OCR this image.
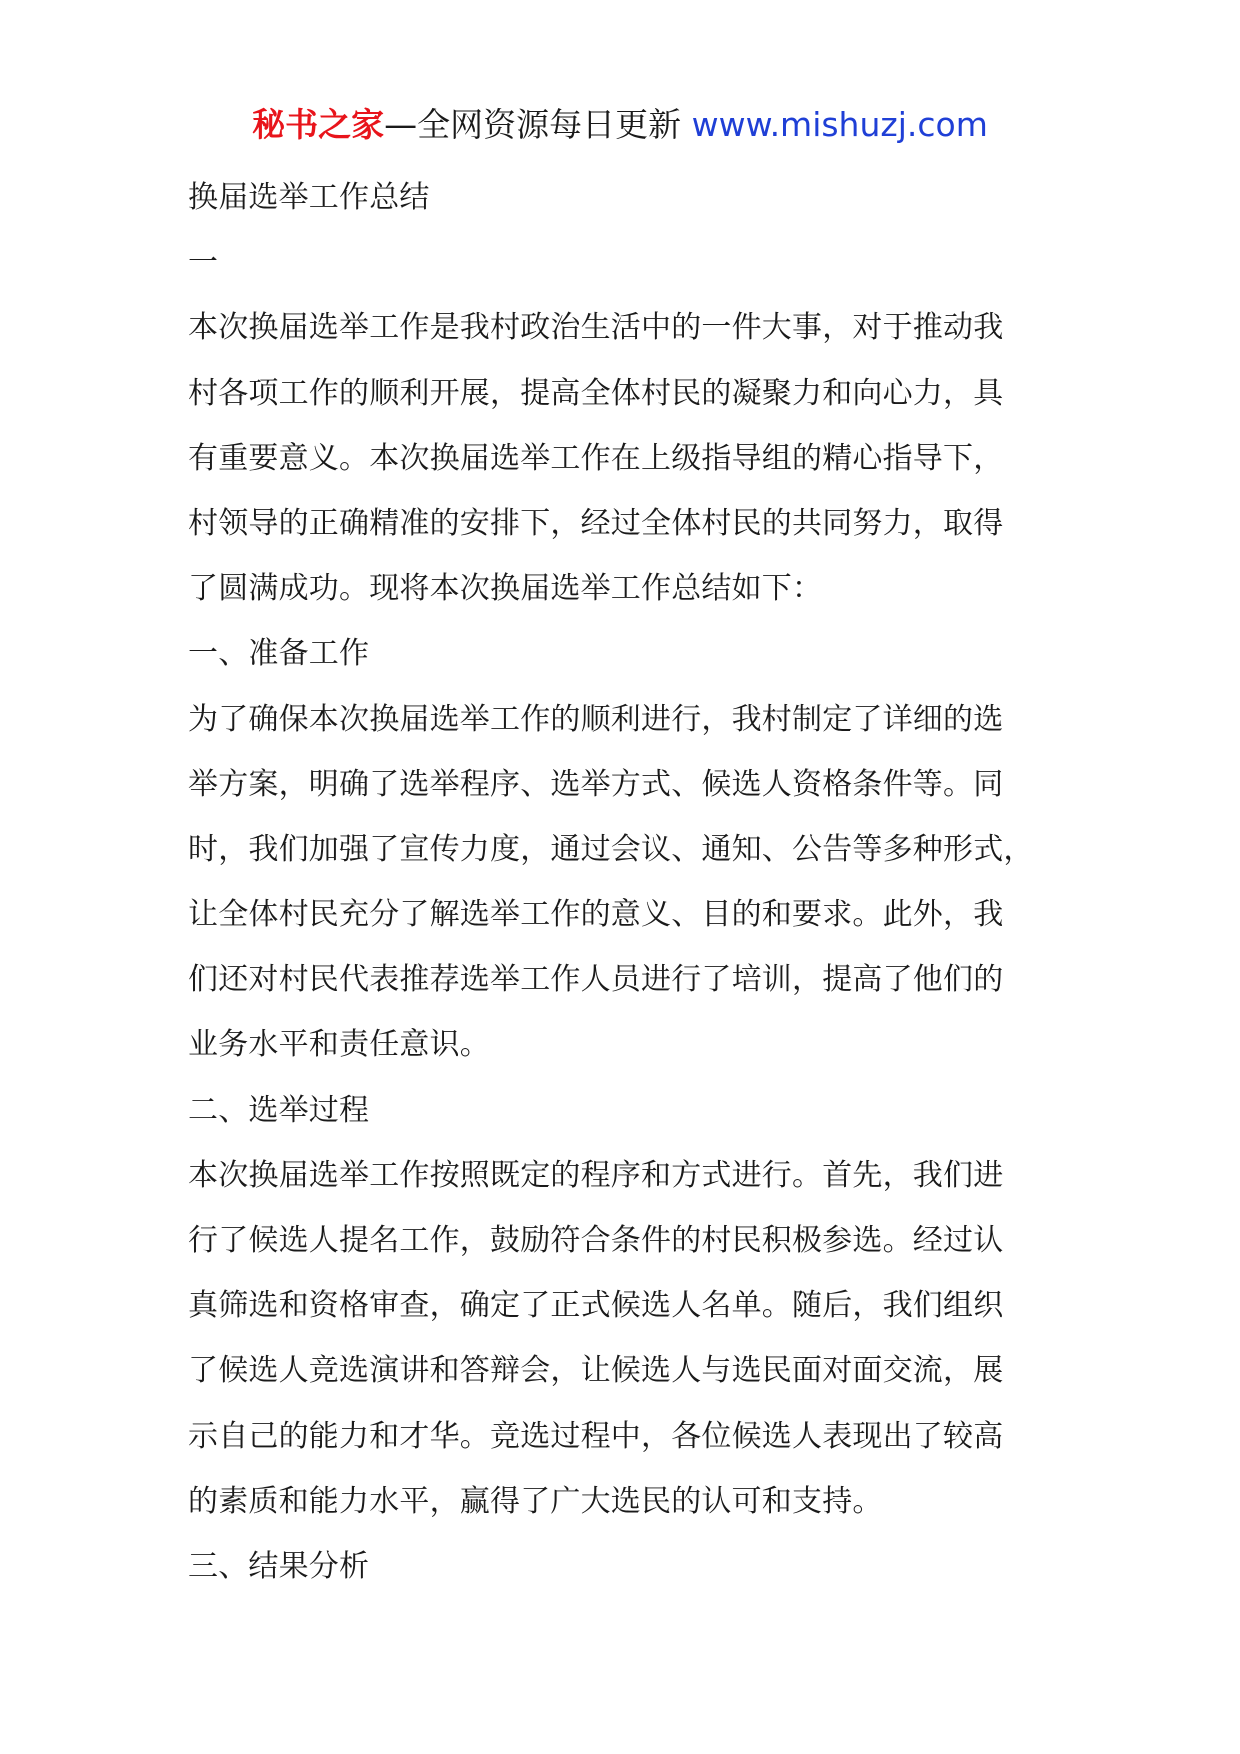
秘书之家—全网资源每日更新 www.mishuzj.com
换届选举工作总结
一
本次换届选举工作是我村政治生活中的一件大事，对于推动我
村各项工作的顺利开展，提高全体村民的凝聚力和向心力，具
有重要意义。本次换届选举工作在上级指导组的精心指导下，
村领导的正确精准的安排下，经过全体村民的共同努力，取得
了圆满成功。现将本次换届选举工作总结如下：
一、准备工作
为了确保本次换届选举工作的顺利进行，我村制定了详细的选
举方案，明确了选举程序、选举方式、候选人资格条件等。同
时，我们加强了宣传力度，通过会议、通知、公告等多种形式，
让全体村民充分了解选举工作的意义、目的和要求。此外，我
们还对村民代表推荐选举工作人员进行了培训，提高了他们的
业务水平和责任意识。
二、选举过程
本次换届选举工作按照既定的程序和方式进行。首先，我们进
行了候选人提名工作，鼓励符合条件的村民积极参选。经过认
真筛选和资格审查，确定了正式候选人名单。随后，我们组织
了候选人竞选演讲和答辩会，让候选人与选民面对面交流，展
示自己的能力和才华。竞选过程中，各位候选人表现出了较高
的素质和能力水平，赢得了广大选民的认可和支持。
三、结果分析
